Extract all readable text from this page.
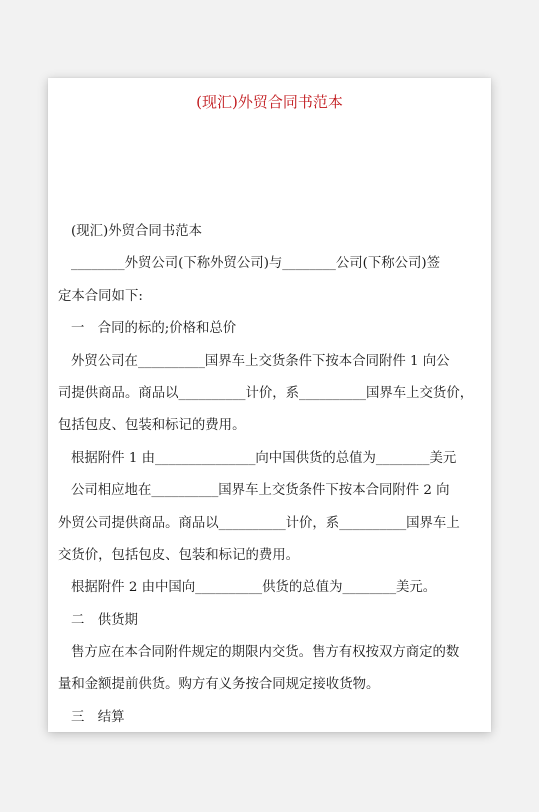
(现汇)外贸合同书范本
(现汇)外贸合同书范本
________外贸公司(下称外贸公司)与________公司(下称公司)签
定本合同如下:
一　合同的标的;价格和总价
外贸公司在__________国界车上交货条件下按本合同附件 1 向公
司提供商品。商品以__________计价，系__________国界车上交货价，
包括包皮、包装和标记的费用。
根据附件 1 由_______________向中国供货的总值为________美元
公司相应地在__________国界车上交货条件下按本合同附件 2 向
外贸公司提供商品。商品以__________计价，系__________国界车上
交货价，包括包皮、包装和标记的费用。
根据附件 2 由中国向__________供货的总值为________美元。
二　供货期
售方应在本合同附件规定的期限内交货。售方有权按双方商定的数
量和金额提前供货。购方有义务按合同规定接收货物。
三　结算
